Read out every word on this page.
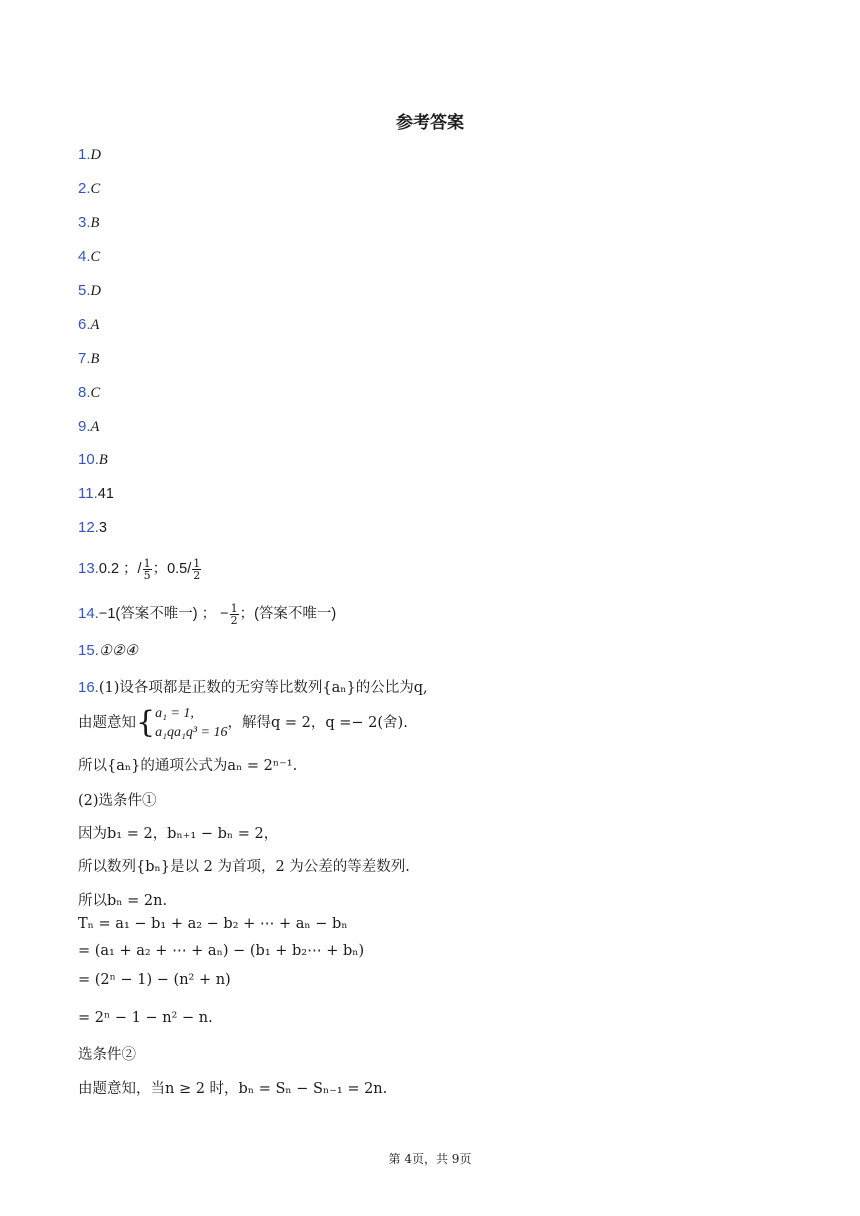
参考答案
1.D
2.C
3.B
4.C
5.D
6.A
7.B
8.C
9.A
10.B
11.41
12.3
13.0.2 ；/ $\frac{1}{5}$ ；$0.5/ \frac{1}{2}$
14.−1(答案不唯一) ； − $\frac{1}{2}$ ；(答案不唯一)
15.①②④
16.(1)设各项都是正数的无穷等比数列{aₙ}的公比为q,
由题意知{ a₁ = 1,
a₁qa₁q³ = 16
，解得q = 2，q =− 2(舍).
所以{aₙ}的通项公式为aₙ = 2ⁿ⁻¹.
(2)选条件①
因为b₁ = 2，bₙ₊₁ − bₙ = 2，
所以数列{bₙ}是以 2 为首项，2 为公差的等差数列.
所以bₙ = 2n.
Tₙ = a₁ − b₁ + a₂ − b₂ + ⋯ + aₙ − bₙ
= (a₁ + a₂ + ⋯ + aₙ) − (b₁ + b₂⋯ + bₙ)
= (2ⁿ − 1) − (n² + n)
= 2ⁿ − 1 − n² − n.
选条件②
由题意知，当n ≥ 2 时，bₙ = Sₙ − Sₙ₋₁ = 2n.
第 4页，共 9页
